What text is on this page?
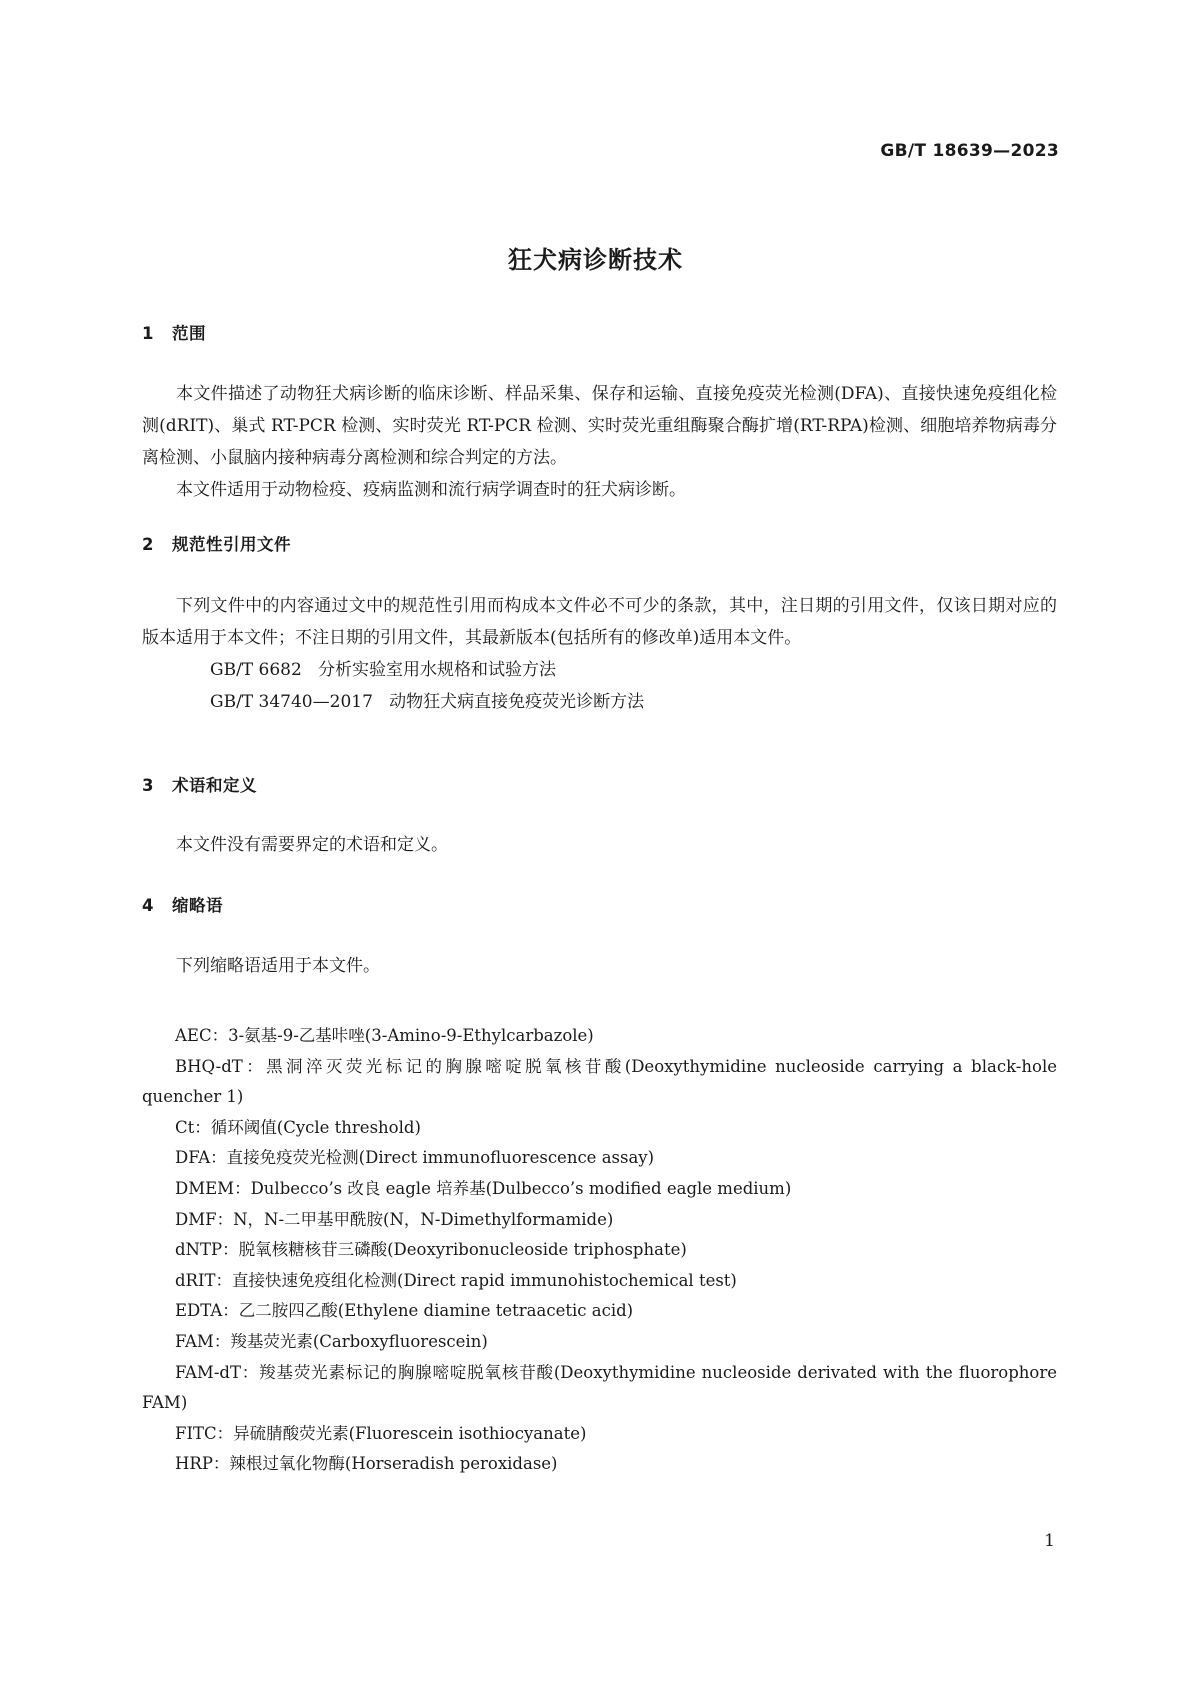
GB/T 18639—2023

狂犬病诊断技术
1 范围

本文件描述了动物狂犬病诊断的临床诊断、样品采集、保存和运输、直接免疫荧光检测(DFA)、直接快速免疫组化检测(dRIT)、巢式 RT-PCR 检测、实时荧光 RT-PCR 检测、实时荧光重组酶聚合酶扩增(RT-RPA)检测、细胞培养物病毒分离检测、小鼠脑内接种病毒分离检测和综合判定的方法。

本文件适用于动物检疫、疫病监测和流行病学调查时的狂犬病诊断。

2 规范性引用文件

下列文件中的内容通过文中的规范性引用而构成本文件必不可少的条款，其中，注日期的引用文件，仅该日期对应的版本适用于本文件；不注日期的引用文件，其最新版本(包括所有的修改单)适用本文件。

GB/T 6682   分析实验室用水规格和试验方法

GB/T 34740—2017   动物狂犬病直接免疫荧光诊断方法

3 术语和定义

本文件没有需要界定的术语和定义。

4 缩略语

下列缩略语适用于本文件。

AEC：3-氨基-9-乙基咔唑(3-Amino-9-Ethylcarbazole)
BHQ-dT：黑洞淬灭荧光标记的胸腺嘧啶脱氧核苷酸(Deoxythymidine nucleoside carrying a black-hole quencher 1)
Ct：循环阈值(Cycle threshold)
DFA：直接免疫荧光检测(Direct immunofluorescence assay)
DMEM：Dulbecco’s 改良 eagle 培养基(Dulbecco’s modified eagle medium)
DMF：N，N-二甲基甲酰胺(N，N-Dimethylformamide)
dNTP：脱氧核糖核苷三磷酸(Deoxyribonucleoside triphosphate)
dRIT：直接快速免疫组化检测(Direct rapid immunohistochemical test)
EDTA：乙二胺四乙酸(Ethylene diamine tetraacetic acid)
FAM：羧基荧光素(Carboxyfluorescein)
FAM-dT：羧基荧光素标记的胸腺嘧啶脱氧核苷酸(Deoxythymidine nucleoside derivated with the fluorophore FAM)
FITC：异硫腈酸荧光素(Fluorescein isothiocyanate)
HRP：辣根过氧化物酶(Horseradish peroxidase)

1
